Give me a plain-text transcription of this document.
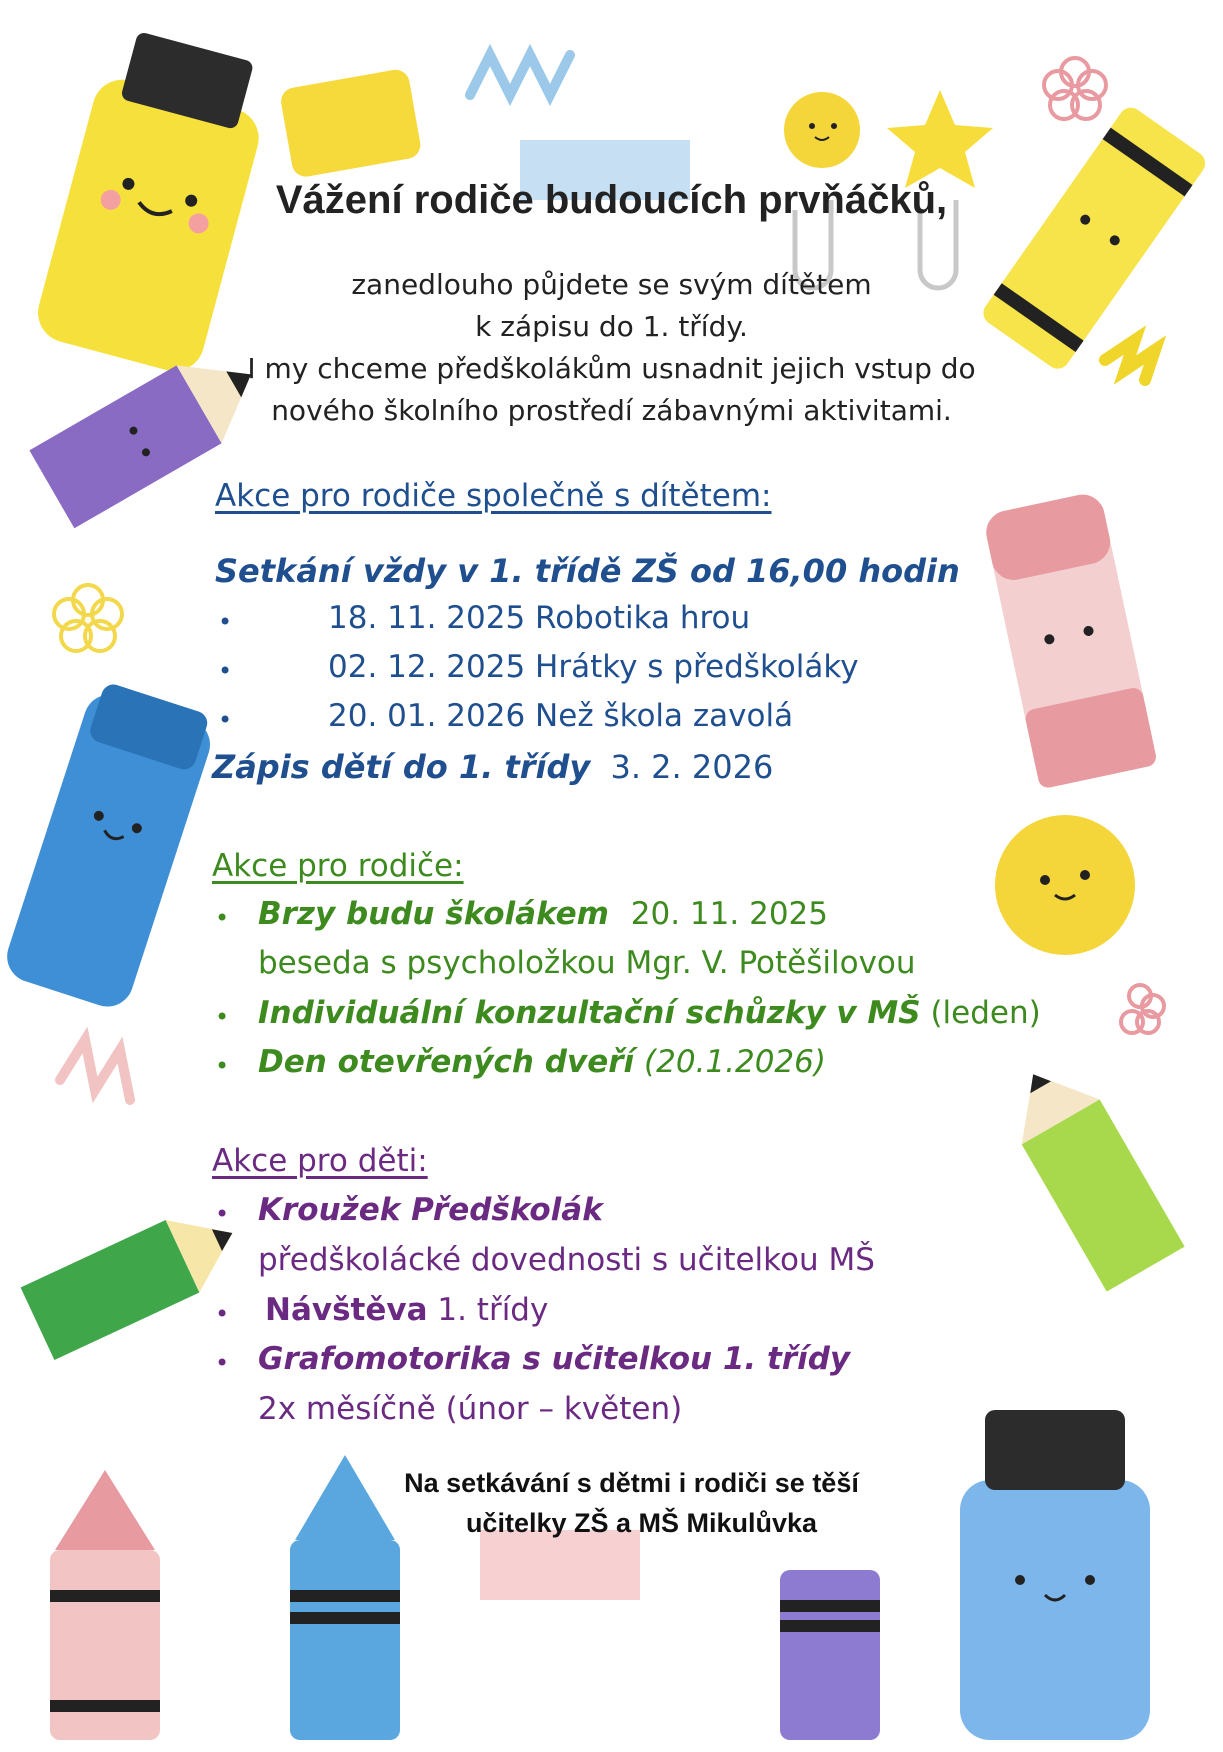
Vážení rodiče budoucích prvňáčků,
zanedlouho půjdete se svým dítětem
k zápisu do 1. třídy.
I my chceme předškolákům usnadnit jejich vstup do
nového školního prostředí zábavnými aktivitami.
Akce pro rodiče společně s dítětem:
Setkání vždy v 1. třídě ZŠ od 16,00 hodin
•	18. 11. 2025 Robotika hrou
•	02. 12. 2025 Hrátky s předškoláky
•	20. 01. 2026 Než škola zavolá
Zápis dětí do 1. třídy 3. 2. 2026
Akce pro rodiče:
• Brzy budu školákem 20. 11. 2025
beseda s psycholožkou Mgr. V. Potěšilovou
• Individuální konzultační schůzky v MŠ (leden)
• Den otevřených dveří (20.1.2026)
Akce pro děti:
• Kroužek Předškolák
předškolácké dovednosti s učitelkou MŠ
• Návštěva 1. třídy
• Grafomotorika s učitelkou 1. třídy
2x měsíčně (únor – květen)
Na setkávání s dětmi i rodiči se těší
učitelky ZŠ a MŠ Mikulůvka
